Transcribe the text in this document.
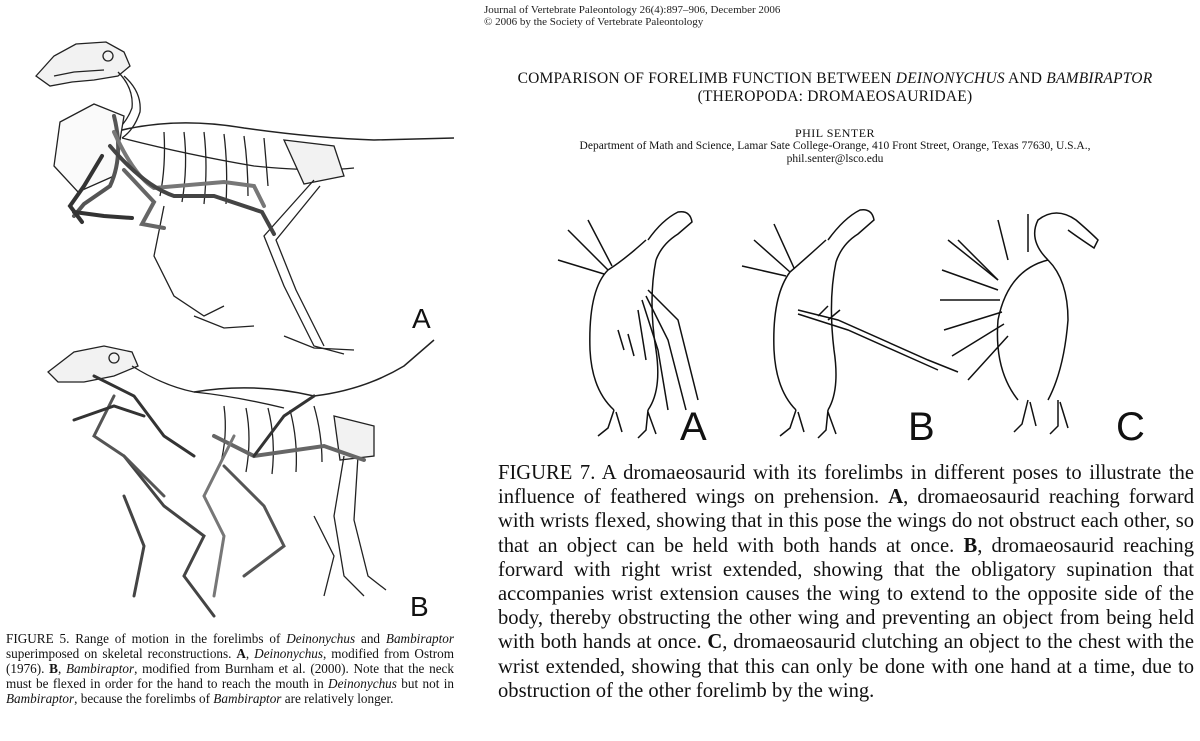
Journal of Vertebrate Paleontology 26(4):897–906, December 2006
© 2006 by the Society of Vertebrate Paleontology
COMPARISON OF FORELIMB FUNCTION BETWEEN DEINONYCHUS AND BAMBIRAPTOR
(THEROPODA: DROMAEOSAURIDAE)
PHIL SENTER
Department of Math and Science, Lamar Sate College-Orange, 410 Front Street, Orange, Texas 77630, U.S.A.,
phil.senter@lsco.edu
A
B

FIGURE 5. Range of motion in the forelimbs of Deinonychus and Bambiraptor superimposed on skeletal reconstructions. A, Deinonychus, modified from Ostrom (1976). B, Bambiraptor, modified from Burnham et al. (2000). Note that the neck must be flexed in order for the hand to reach the mouth in Deinonychus but not in Bambiraptor, because the forelimbs of Bambiraptor are relatively longer.

A	B	C

FIGURE 7. A dromaeosaurid with its forelimbs in different poses to illustrate the influence of feathered wings on prehension. A, dromaeosaurid reaching forward with wrists flexed, showing that in this pose the wings do not obstruct each other, so that an object can be held with both hands at once. B, dromaeosaurid reaching forward with right wrist extended, showing that the obligatory supination that accompanies wrist extension causes the wing to extend to the opposite side of the body, thereby obstructing the other wing and preventing an object from being held with both hands at once. C, dromaeosaurid clutching an object to the chest with the wrist extended, showing that this can only be done with one hand at a time, due to obstruction of the other forelimb by the wing.
